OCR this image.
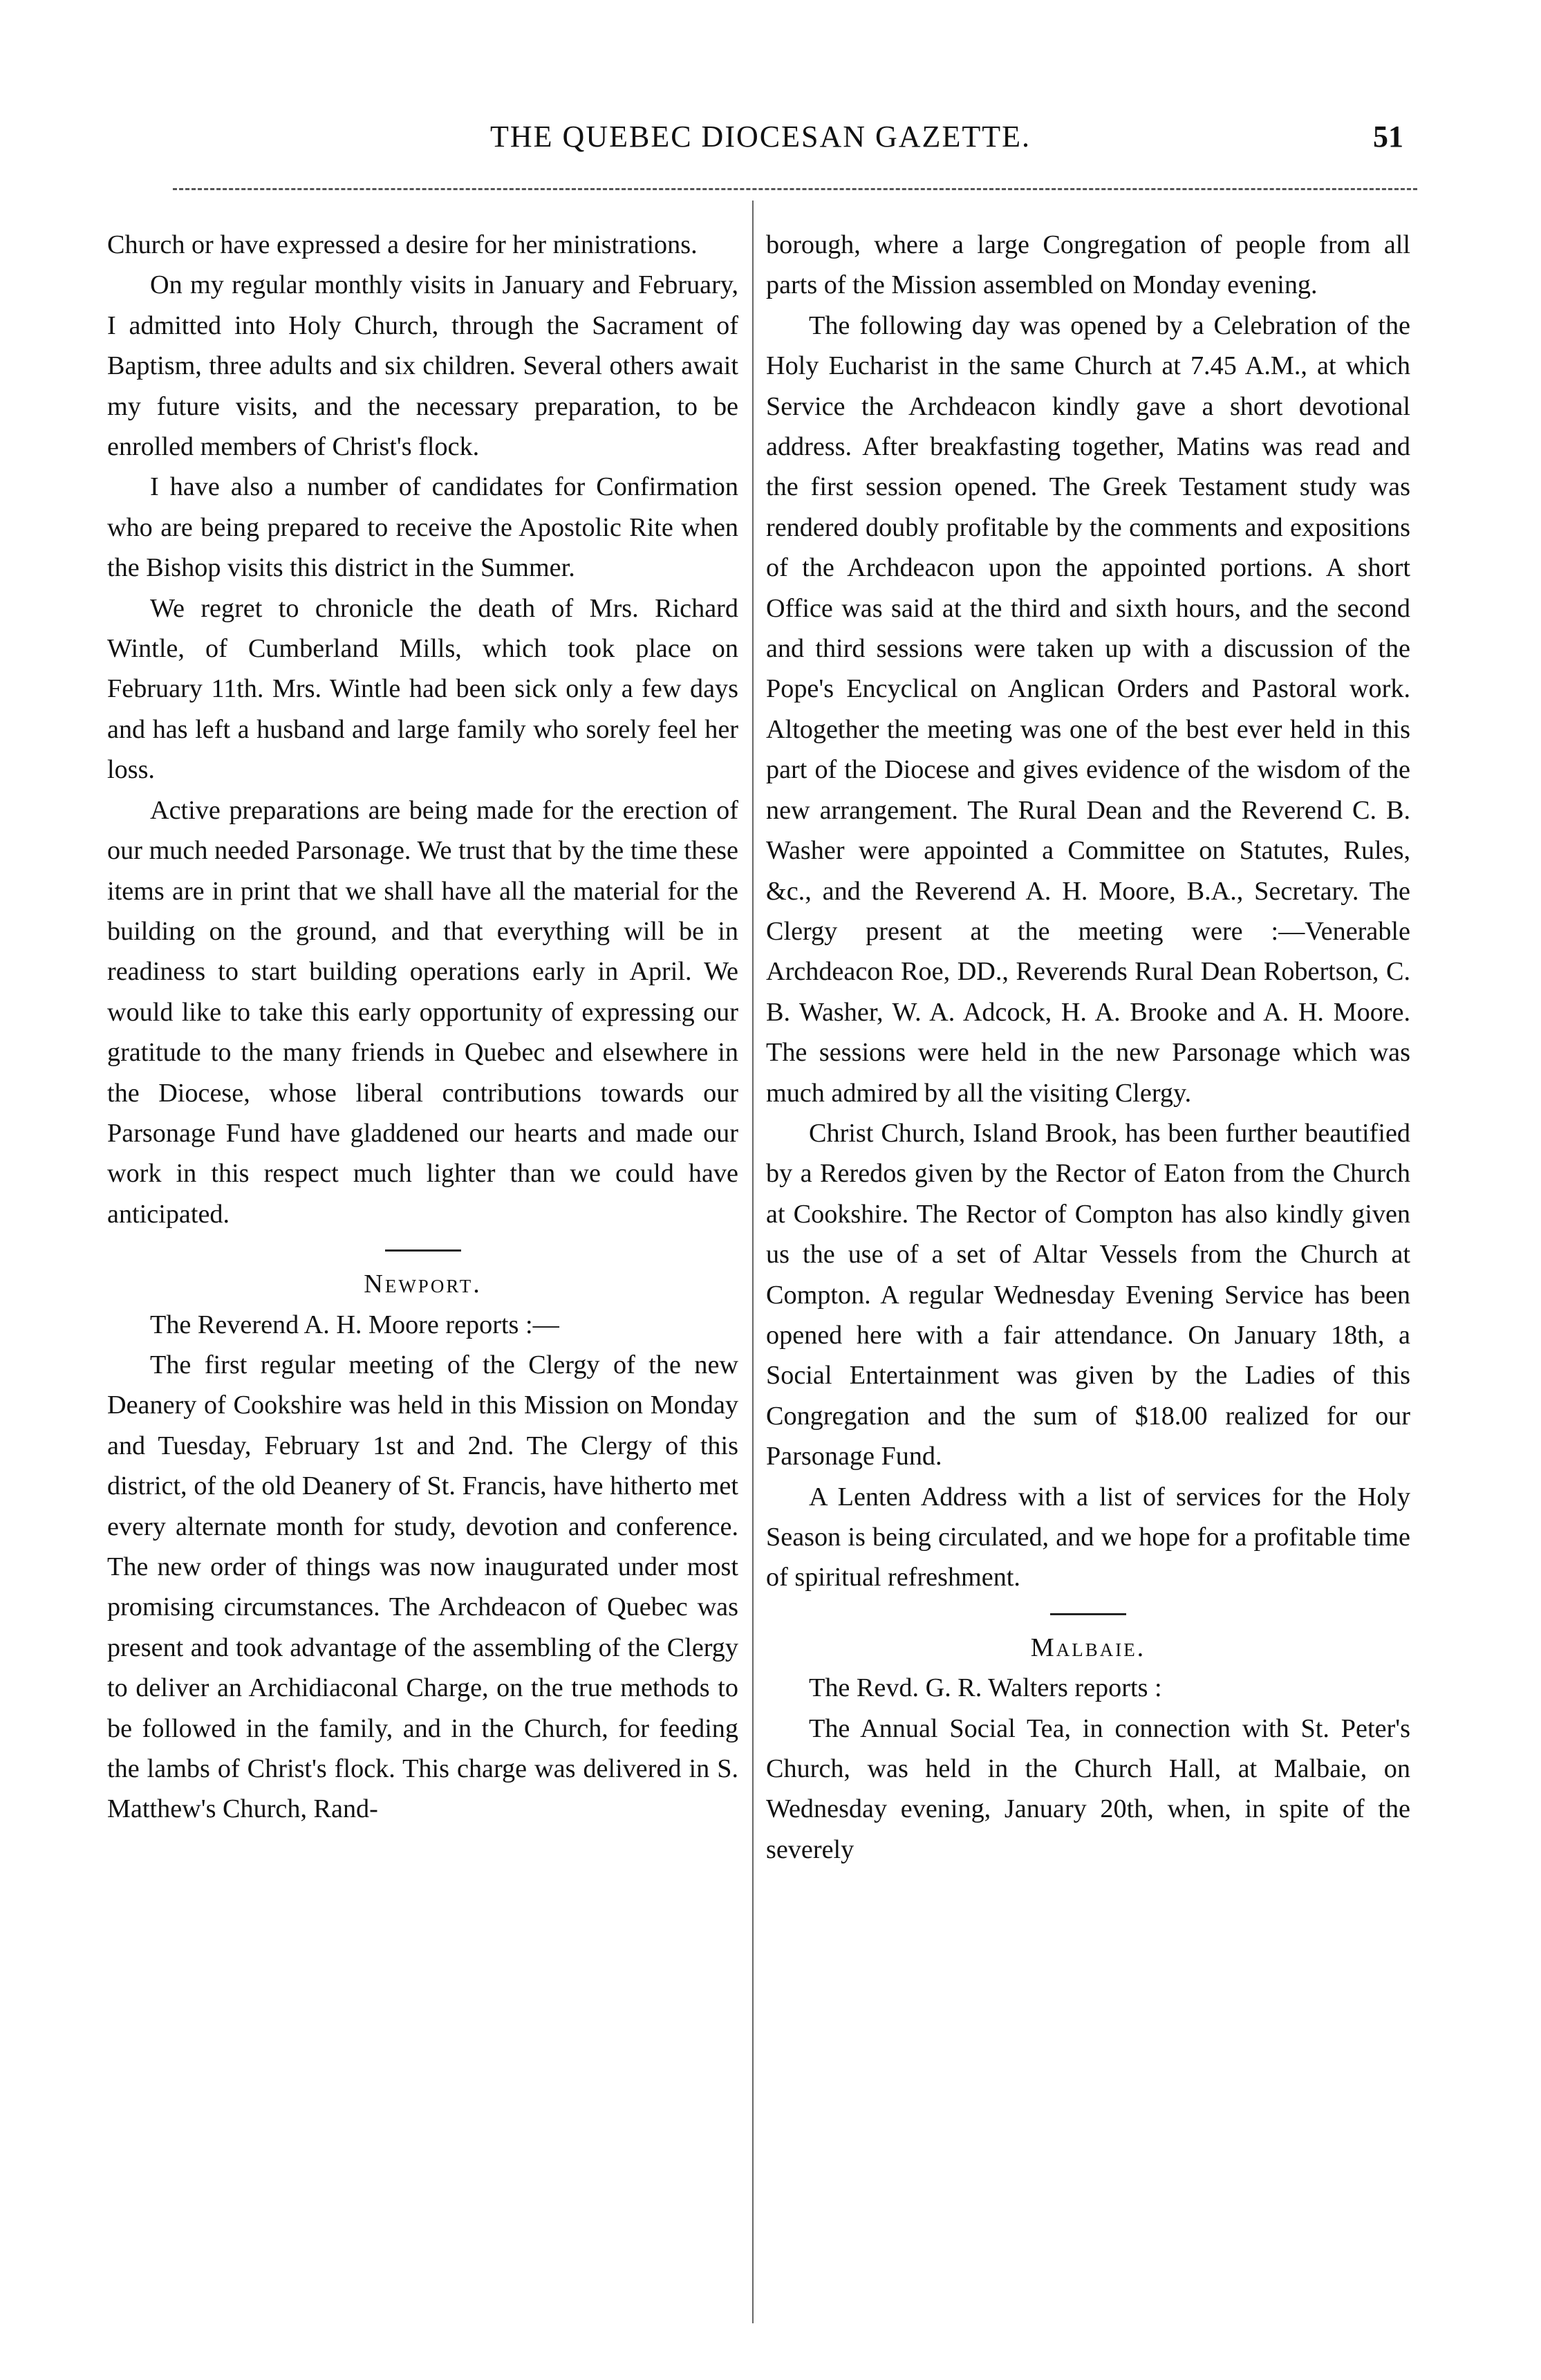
THE QUEBEC DIOCESAN GAZETTE.	51

Church or have expressed a desire for her ministrations.

On my regular monthly visits in January and February, I admitted into Holy Church, through the Sacrament of Baptism, three adults and six children. Several others await my future visits, and the necessary preparation, to be enrolled members of Christ's flock.

I have also a number of candidates for Confirmation who are being prepared to receive the Apostolic Rite when the Bishop visits this district in the Summer.

We regret to chronicle the death of Mrs. Richard Wintle, of Cumberland Mills, which took place on February 11th. Mrs. Wintle had been sick only a few days and has left a husband and large family who sorely feel her loss.

Active preparations are being made for the erection of our much needed Parsonage. We trust that by the time these items are in print that we shall have all the material for the building on the ground, and that everything will be in readiness to start building operations early in April. We would like to take this early opportunity of expressing our gratitude to the many friends in Quebec and elsewhere in the Diocese, whose liberal contributions towards our Parsonage Fund have gladdened our hearts and made our work in this respect much lighter than we could have anticipated.

Newport.

The Reverend A. H. Moore reports :—

The first regular meeting of the Clergy of the new Deanery of Cookshire was held in this Mission on Monday and Tuesday, February 1st and 2nd. The Clergy of this district, of the old Deanery of St. Francis, have hitherto met every alternate month for study, devotion and conference. The new order of things was now inaugurated under most promising circumstances. The Archdeacon of Quebec was present and took advantage of the assembling of the Clergy to deliver an Archidiaconal Charge, on the true methods to be followed in the family, and in the Church, for feeding the lambs of Christ's flock. This charge was delivered in S. Matthew's Church, Rand-

borough, where a large Congregation of people from all parts of the Mission assembled on Monday evening.

The following day was opened by a Celebration of the Holy Eucharist in the same Church at 7.45 A.M., at which Service the Archdeacon kindly gave a short devotional address. After breakfasting together, Matins was read and the first session opened. The Greek Testament study was rendered doubly profitable by the comments and expositions of the Archdeacon upon the appointed portions. A short Office was said at the third and sixth hours, and the second and third sessions were taken up with a discussion of the Pope's Encyclical on Anglican Orders and Pastoral work. Altogether the meeting was one of the best ever held in this part of the Diocese and gives evidence of the wisdom of the new arrangement. The Rural Dean and the Reverend C. B. Washer were appointed a Committee on Statutes, Rules, &c., and the Reverend A. H. Moore, B.A., Secretary. The Clergy present at the meeting were :—Venerable Archdeacon Roe, DD., Reverends Rural Dean Robertson, C. B. Washer, W. A. Adcock, H. A. Brooke and A. H. Moore. The sessions were held in the new Parsonage which was much admired by all the visiting Clergy.

Christ Church, Island Brook, has been further beautified by a Reredos given by the Rector of Eaton from the Church at Cookshire. The Rector of Compton has also kindly given us the use of a set of Altar Vessels from the Church at Compton. A regular Wednesday Evening Service has been opened here with a fair attendance. On January 18th, a Social Entertainment was given by the Ladies of this Congregation and the sum of $18.00 realized for our Parsonage Fund.

A Lenten Address with a list of services for the Holy Season is being circulated, and we hope for a profitable time of spiritual refreshment.

Malbaie.

The Revd. G. R. Walters reports :

The Annual Social Tea, in connection with St. Peter's Church, was held in the Church Hall, at Malbaie, on Wednesday evening, January 20th, when, in spite of the severely
